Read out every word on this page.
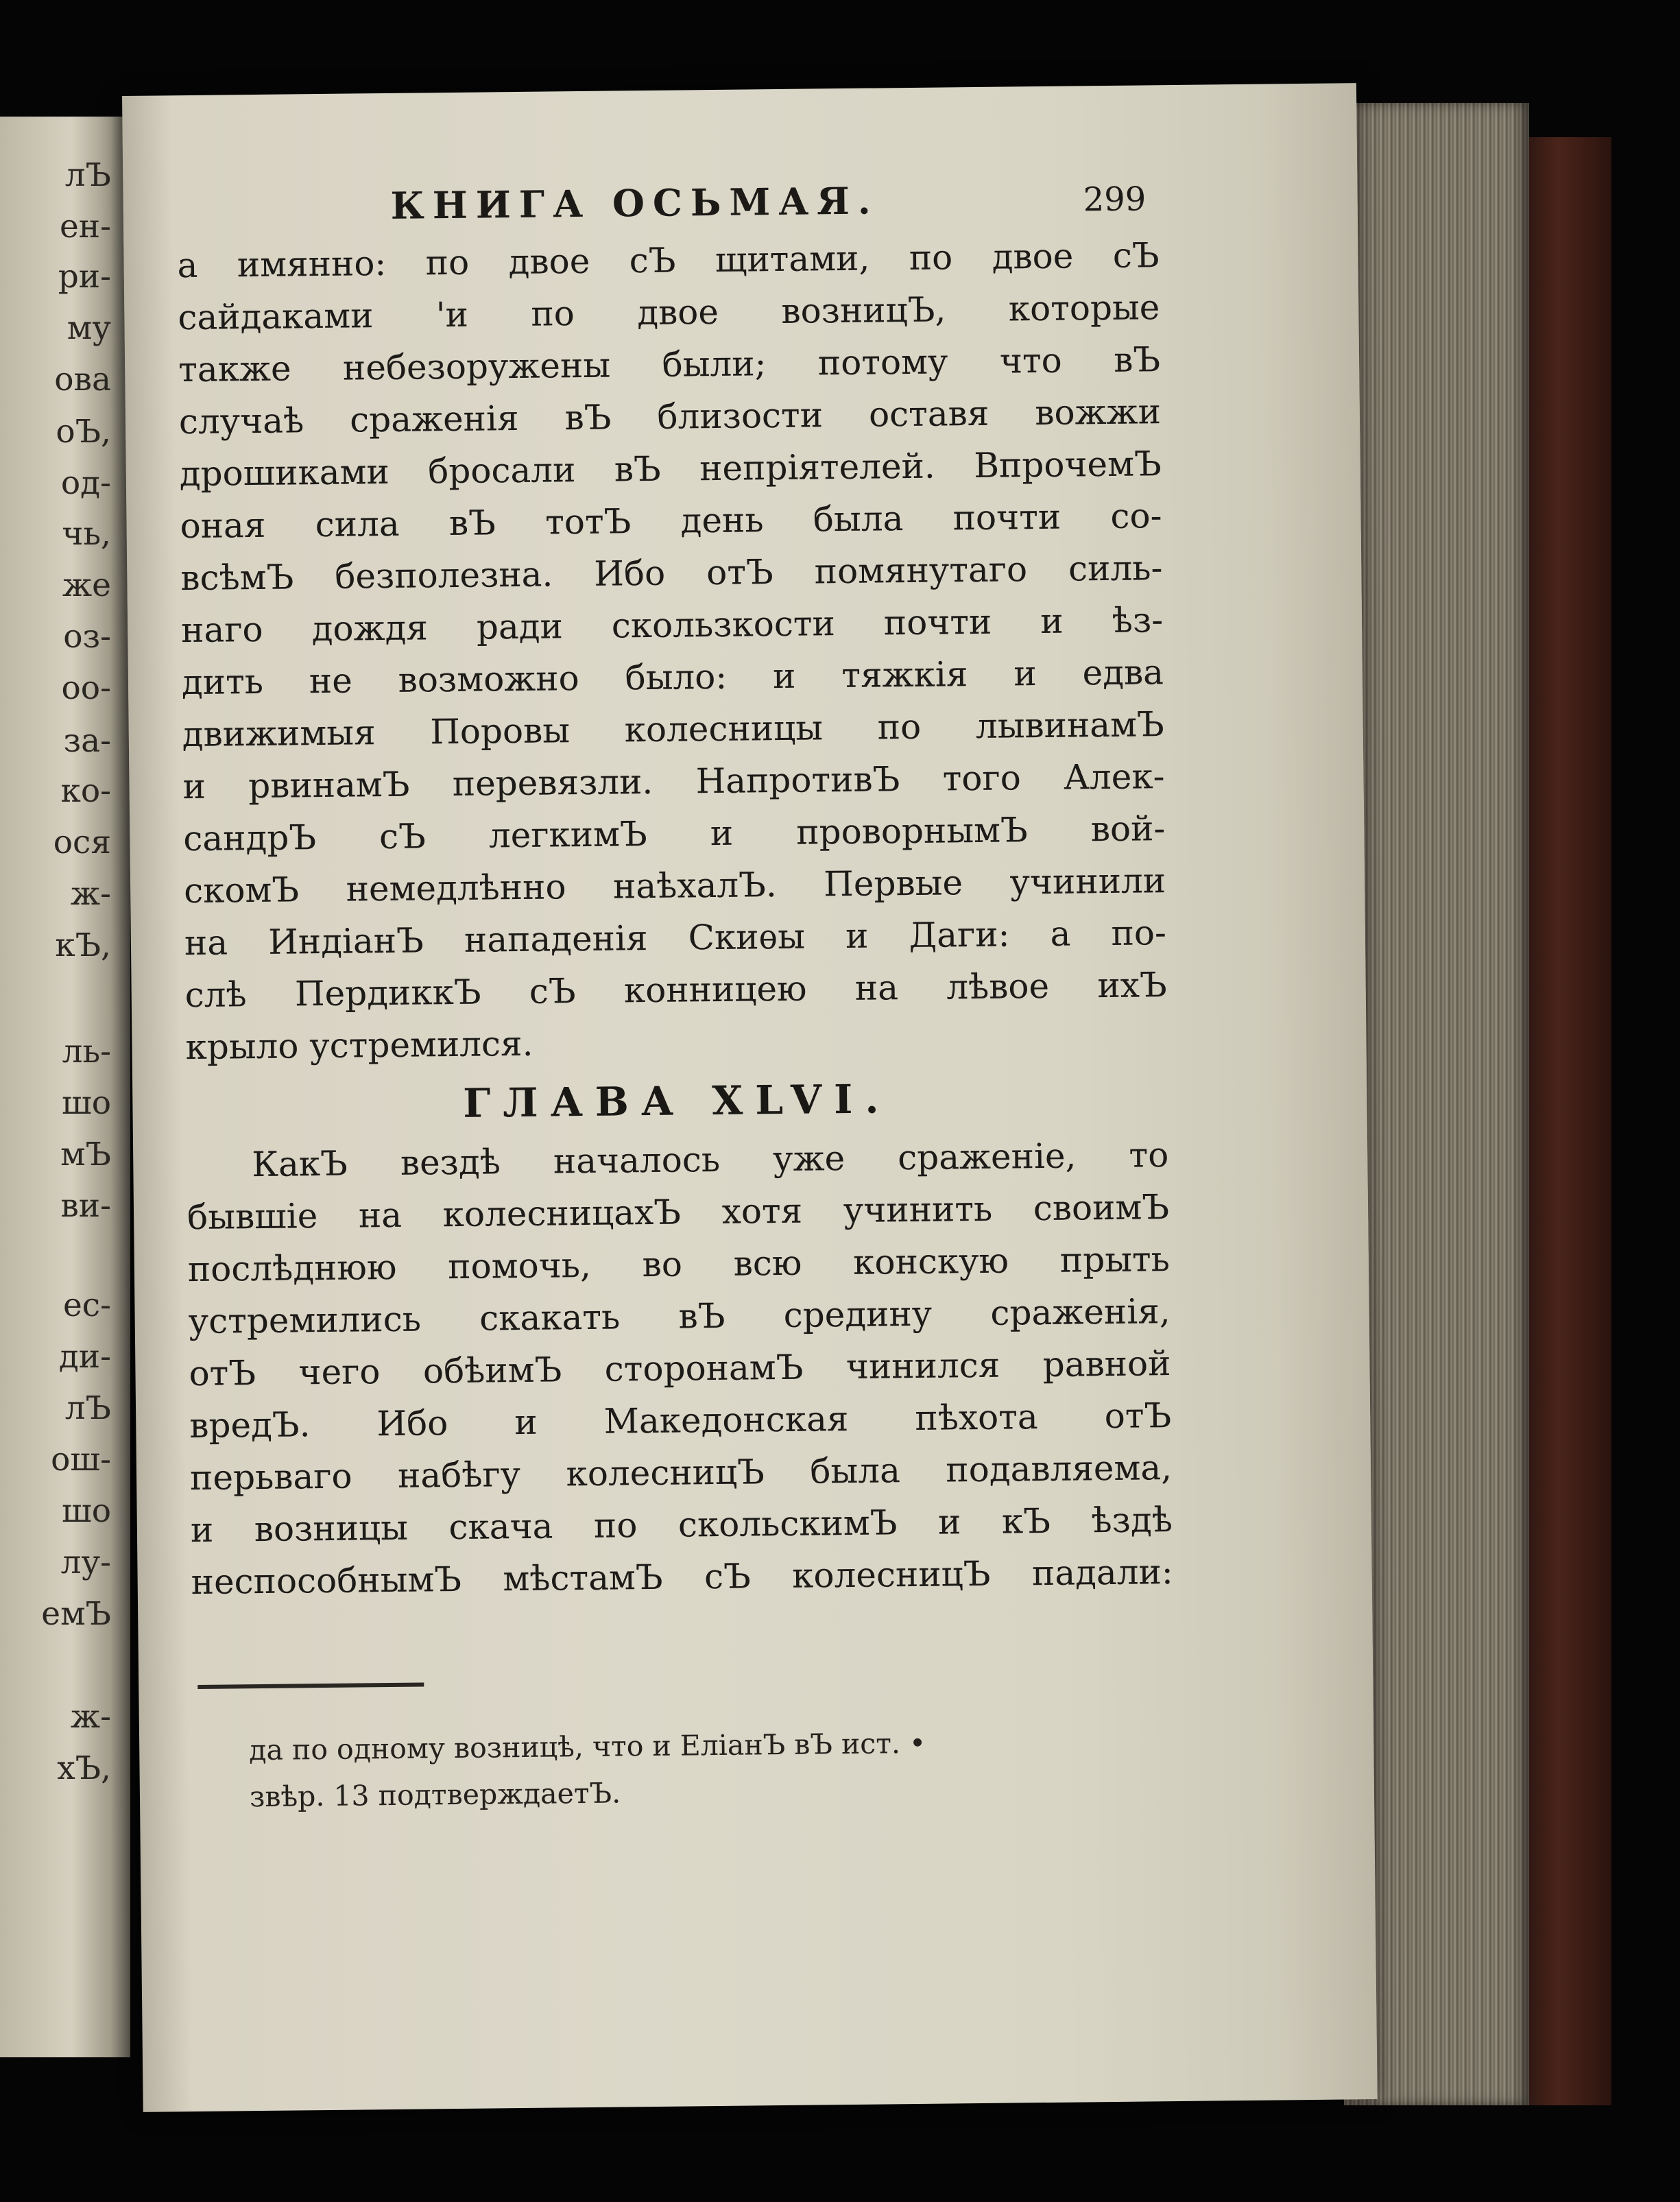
лЪ
ен-
ри-
му
ова
оЪ,
од-
чь,
же
оз-
оо-
за-
ко-
ося
ж-
кЪ,
ль-
шо
мЪ
ви-
ес-
ди-
лЪ
ош-
шо
лу-
емЪ
ж-
хЪ,
КНИГА ОСЬМАЯ.	299
а имянно: по двое сЪ щитами, по двое сЪ
сайдаками 'и по двое возницЪ, которые
также небезоружены были; потому что вЪ
случаѣ сраженія вЪ близости оставя вожжи
дрошиками бросали вЪ непріятелей. ВпрочемЪ
оная сила вЪ тотЪ день была почти со-
всѣмЪ безполезна. Ибо отЪ помянутаго силь-
наго дождя ради скользкости почти и ѣз-
дить не возможно было: и тяжкія и едва
движимыя Поровы колесницы по лывинамЪ
и рвинамЪ перевязли. НапротивЪ того Алек-
сандрЪ сЪ легкимЪ и проворнымЪ вой-
скомЪ немедлѣнно наѣхалЪ. Первые учинили
на ИндіанЪ нападенія Скиѳы и Даги: а по-
слѣ ПердиккЪ сЪ конницею на лѣвое ихЪ
крыло устремился.
ГЛАВА XLVI.
КакЪ вездѣ началось уже сраженіе, то
бывшіе на колесницахЪ хотя учинить своимЪ
послѣднюю помочь, во всю конскую прыть
устремились скакать вЪ средину сраженія,
отЪ чего обѣимЪ сторонамЪ чинился равной
вредЪ. Ибо и Македонская пѣхота отЪ
перьваго набѣгу колесницЪ была подавляема,
и возницы скача по скольскимЪ и кЪ ѣздѣ
неспособнымЪ мѣстамЪ сЪ колесницЪ падали:
да по одному возницѣ, что и ЕліанЪ вЪ ист. •
звѣр. 13 подтверждаетЪ.
